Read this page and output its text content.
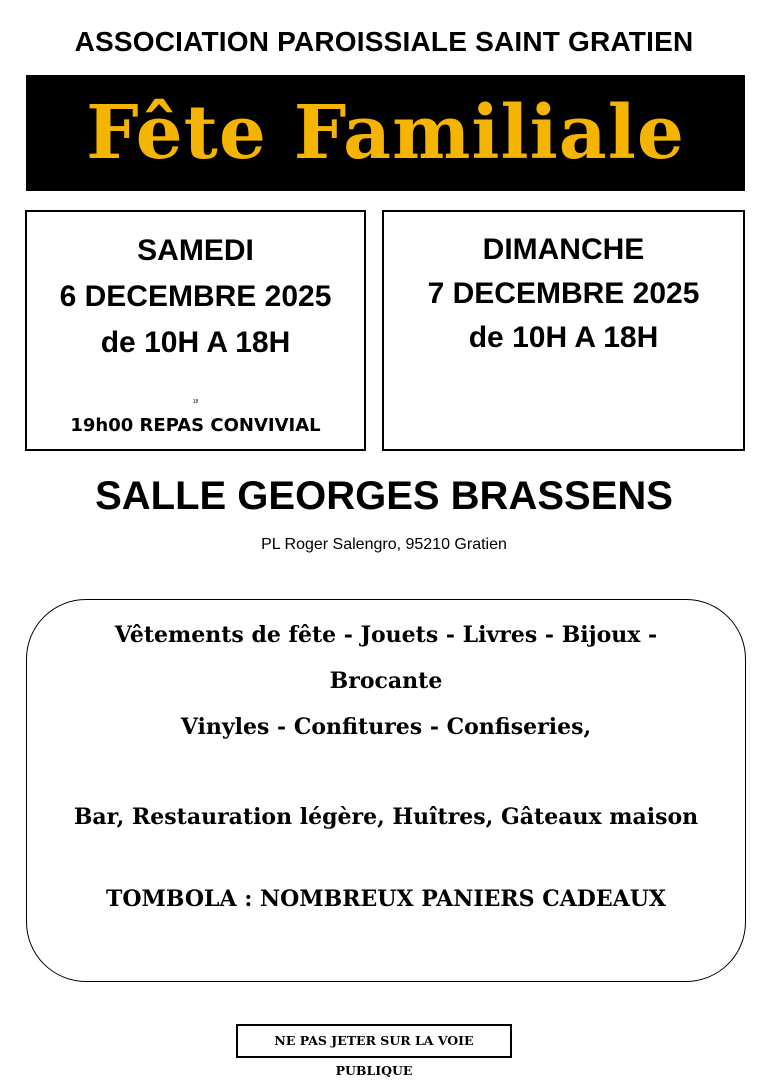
ASSOCIATION PAROISSIALE SAINT GRATIEN
Fête Familiale
SAMEDI
6 DECEMBRE 2025
de 10H A 18H
18
19h00 REPAS CONVIVIAL
DIMANCHE
7 DECEMBRE 2025
de 10H A 18H
SALLE GEORGES BRASSENS
PL Roger Salengro, 95210 Gratien

Vêtements de fête - Jouets - Livres - Bijoux -

Brocante

Vinyles - Confitures - Confiseries,

Bar, Restauration légère, Huîtres, Gâteaux maison

TOMBOLA : NOMBREUX PANIERS CADEAUX

NE PAS JETER SUR LA VOIE PUBLIQUE
